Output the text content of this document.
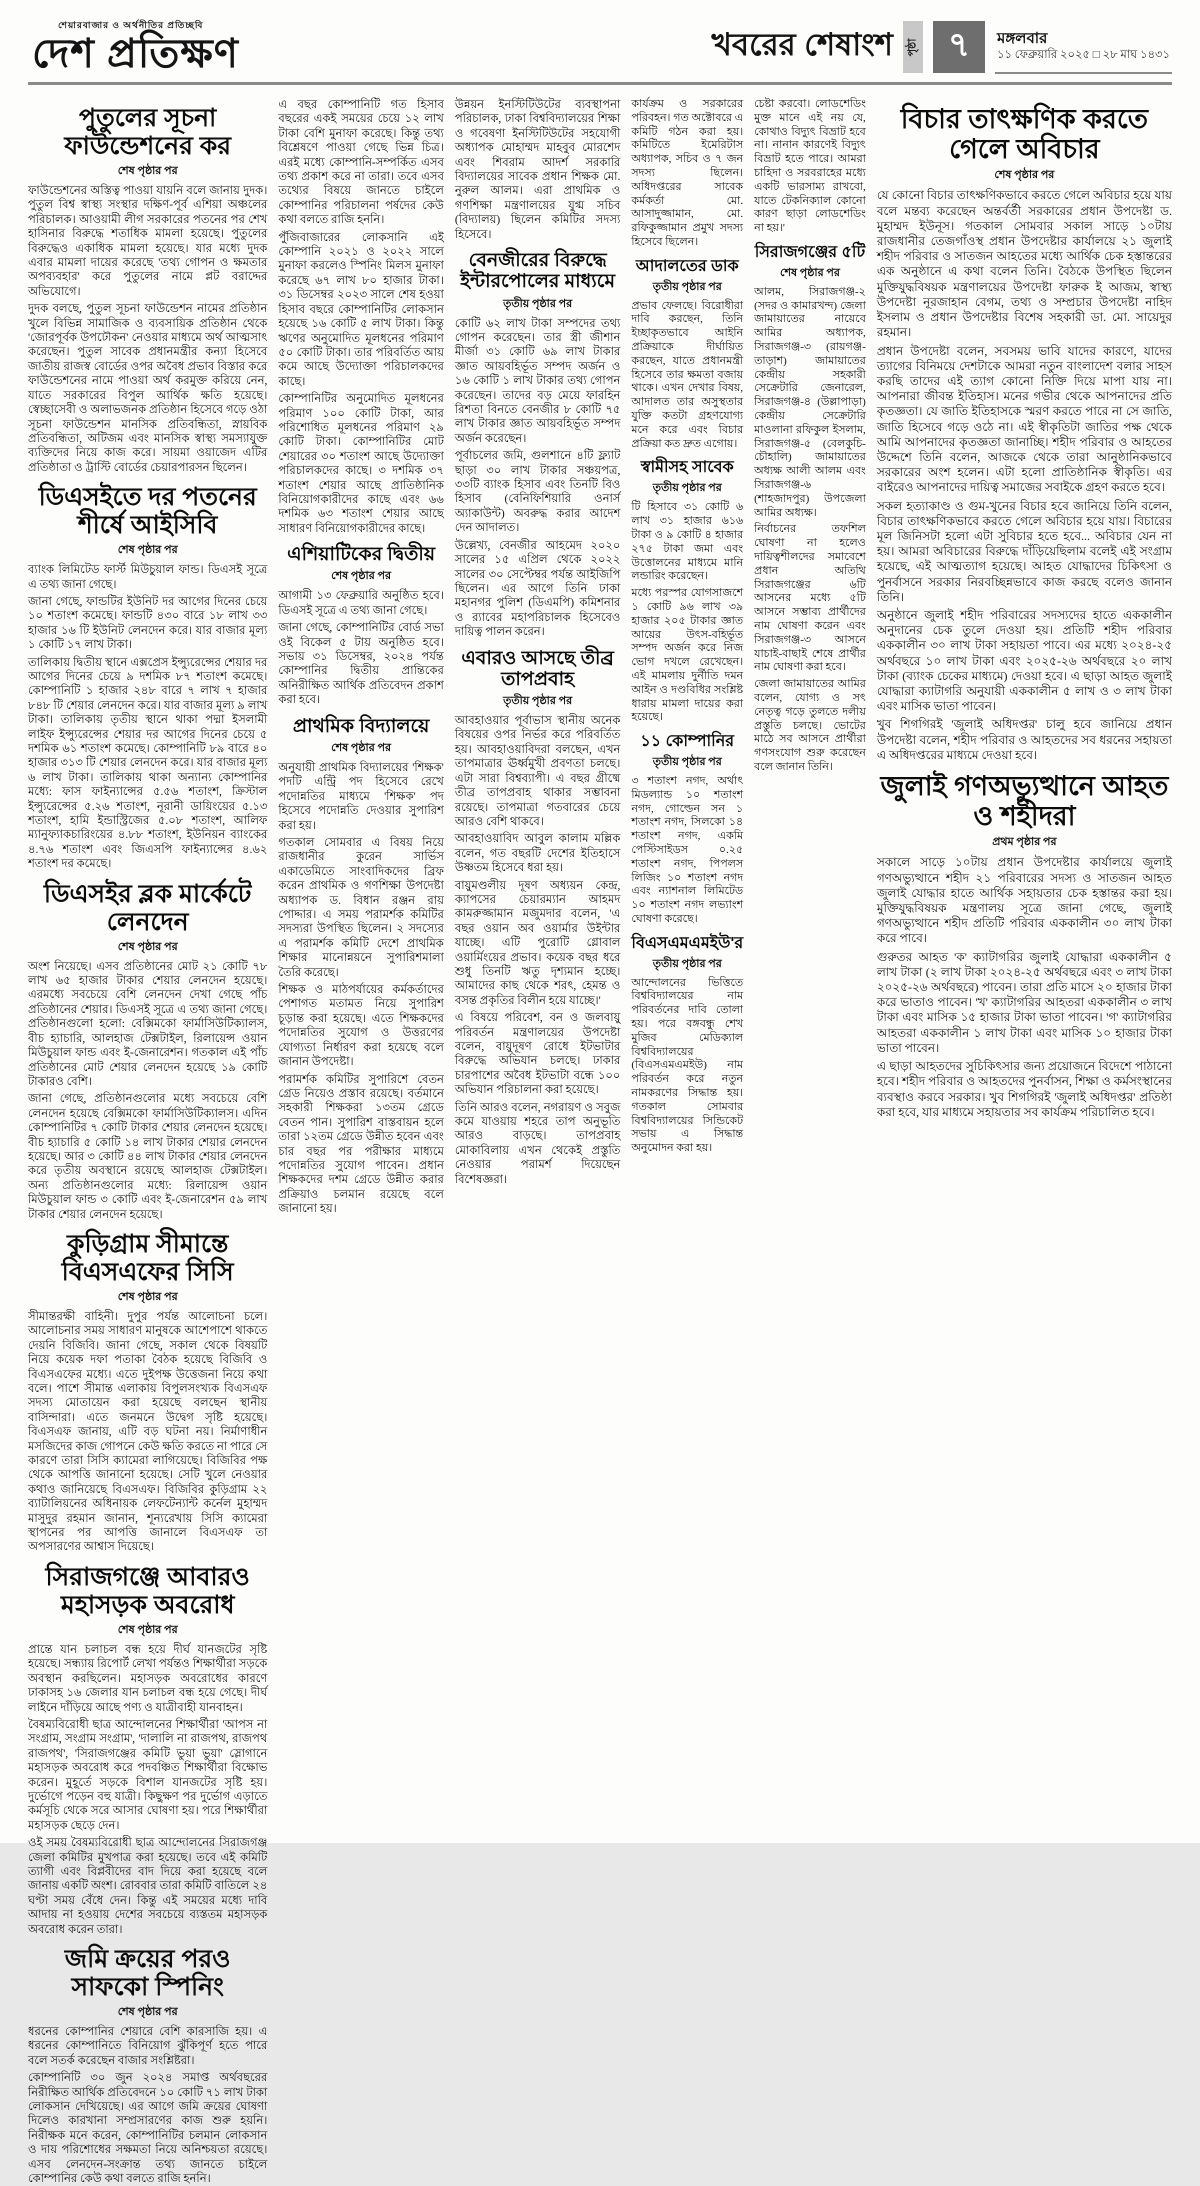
শেয়ারবাজার ও অর্থনীতির প্রতিচ্ছবি
দেশ প্রতিক্ষণ	খবরের শেষাংশ পৃষ্ঠা ৭ মঙ্গলবার
১১ ফেব্রুয়ারি ২০২৫ □ ২৮ মাঘ ১৪৩১
পুতুলের সূচনা ফাউন্ডেশনের কর
শেষ পৃষ্ঠার পর

ফাউন্ডেশনের অস্তিত্ব পাওয়া যায়নি বলে জানায় দুদক। পুতুল বিশ্ব স্বাস্থ্য সংস্থার দক্ষিণ-পূর্ব এশিয়া অঞ্চলের পরিচালক। আওয়ামী লীগ সরকারের পতনের পর শেখ হাসিনার বিরুদ্ধে শতাধিক মামলা হয়েছে। পুতুলের বিরুদ্ধেও একাধিক মামলা হয়েছে। যার মধ্যে দুদক এবার মামলা দায়ের করেছে 'তথ্য গোপন ও ক্ষমতার অপব্যবহার' করে পুতুলের নামে প্লট বরাদ্দের অভিযোগে।

দুদক বলছে, পুতুল সূচনা ফাউন্ডেশন নামের প্রতিষ্ঠান খুলে বিভিন্ন সামাজিক ও ব্যবসায়িক প্রতিষ্ঠান থেকে 'জোরপূর্বক উপঢৌকন' নেওয়ার মাধ্যমে অর্থ আত্মসাৎ করেছেন। পুতুল সাবেক প্রধানমন্ত্রীর কন্যা হিসেবে জাতীয় রাজস্ব বোর্ডের ওপর অবৈধ প্রভাব বিস্তার করে ফাউন্ডেশনের নামে পাওয়া অর্থ করমুক্ত করিয়ে নেন, যাতে সরকারের বিপুল আর্থিক ক্ষতি হয়েছে। স্বেচ্ছাসেবী ও অলাভজনক প্রতিষ্ঠান হিসেবে গড়ে ওঠা সূচনা ফাউন্ডেশন মানসিক প্রতিবন্ধিতা, স্নায়বিক প্রতিবন্ধিতা, অটিজম এবং মানসিক স্বাস্থ্য সমস্যাযুক্ত ব্যক্তিদের নিয়ে কাজ করে। সায়মা ওয়াজেদ এটির প্রতিষ্ঠাতা ও ট্রাস্টি বোর্ডের চেয়ারপারসন ছিলেন।

ডিএসইতে দর পতনের শীর্ষে আইসিবি
শেষ পৃষ্ঠার পর

ব্যাংক লিমিটেড ফার্স্ট মিউচুয়াল ফান্ড। ডিএসই সূত্রে এ তথ্য জানা গেছে।

জানা গেছে, ফান্ডটির ইউনিট দর আগের দিনের চেয়ে ১০ শতাংশ কমেছে। ফান্ডটি ৪৩০ বারে ১৮ লাখ ৩৩ হাজার ১৬ টি ইউনিট লেনদেন করে। যার বাজার মূল্য ১ কোটি ১৭ লাখ টাকা।

তালিকায় দ্বিতীয় স্থানে এক্সপ্রেস ইন্স্যুরেন্সের শেয়ার দর আগের দিনের চেয়ে ৯ দশমিক ৮৭ শতাংশ কমেছে। কোম্পানিটি ১ হাজার ২৪৮ বারে ৭ লাখ ৭ হাজার ৮৪৮ টি শেয়ার লেনদেন করে। যার বাজার মূল্য ৯ লাখ টাকা। তালিকায় তৃতীয় স্থানে থাকা পদ্মা ইসলামী লাইফ ইন্স্যুরেন্সের শেয়ার দর আগের দিনের চেয়ে ৫ দশমিক ৬১ শতাংশ কমেছে। কোম্পানিটি ৮৯ বারে ৪০ হাজার ৩১৩ টি শেয়ার লেনদেন করে। যার বাজার মূল্য ৬ লাখ টাকা। তালিকায় থাকা অন্যান্য কোম্পানির মধ্যে: ফাস ফাইন্যান্সের ৫.৫৬ শতাংশ, ক্রিস্টাল ইন্স্যুরেন্সের ৫.২৬ শতাংশ, নূরানী ডায়িংয়ের ৫.১৩ শতাংশ, হামি ইন্ডাস্ট্রিজের ৫.০৮ শতাংশ, আলিফ ম্যানুফ্যাকচারিংয়ের ৪.৮৮ শতাংশ, ইউনিয়ন ব্যাংকের ৪.৭৬ শতাংশ এবং জিএসপি ফাইন্যান্সের ৪.৬২ শতাংশ দর কমেছে।

ডিএসইর ব্লক মার্কেটে লেনদেন
শেষ পৃষ্ঠার পর

অংশ নিয়েছে। এসব প্রতিষ্ঠানের মোট ২১ কোটি ৭৮ লাখ ৬৫ হাজার টাকার শেয়ার লেনদেন হয়েছে। এরমধ্যে সবচেয়ে বেশি লেনদেন দেখা গেছে পাঁচ প্রতিষ্ঠানের শেয়ার। ডিএসই সূত্রে এ তথ্য জানা গেছে। প্রতিষ্ঠানগুলো হলো: বেক্সিমকো ফার্মাসিউটিক্যালস, বীচ হ্যাচারি, আলহাজ টেক্সটাইল, রিলায়েন্স ওয়ান মিউচুয়াল ফান্ড এবং ই-জেনারেশন। গতকাল এই পাঁচ প্রতিষ্ঠানের মোট শেয়ার লেনদেন হয়েছে ১৯ কোটি টাকারও বেশি।

জানা গেছে, প্রতিষ্ঠানগুলোর মধ্যে সবচেয়ে বেশি লেনদেন হয়েছে বেক্সিমকো ফার্মাসিউটিক্যালস। এদিন কোম্পানিটির ৭ কোটি টাকার শেয়ার লেনদেন হয়েছে। বীচ হ্যাচারি ৫ কোটি ১৪ লাখ টাকার শেয়ার লেনদেন হয়েছে। আর ৩ কোটি ৪৪ লাখ টাকার শেয়ার লেনদেন করে তৃতীয় অবস্থানে রয়েছে আলহাজ টেক্সটাইল। অন্য প্রতিষ্ঠানগুলোর মধ্যে: রিলায়েন্স ওয়ান মিউচুয়াল ফান্ড ৩ কোটি এবং ই-জেনারেশন ৫৯ লাখ টাকার শেয়ার লেনদেন হয়েছে।

কুড়িগ্রাম সীমান্তে বিএসএফের সিসি
শেষ পৃষ্ঠার পর

সীমান্তরক্ষী বাহিনী। দুপুর পর্যন্ত আলোচনা চলে। আলোচনার সময় সাধারণ মানুষকে আশেপাশে থাকতে দেয়নি বিজিবি। জানা গেছে, সকাল থেকে বিষয়টি নিয়ে কয়েক দফা পতাকা বৈঠক হয়েছে বিজিবি ও বিএসএফের মধ্যে। এতে দুইপক্ষ উত্তেজনা নিয়ে কথা বলে। পাশে সীমান্ত এলাকায় বিপুলসংখ্যক বিএসএফ সদস্য মোতায়েন করা হয়েছে বলছেন স্থানীয় বাসিন্দারা। এতে জনমনে উদ্বেগ সৃষ্টি হয়েছে। বিএসএফ জানায়, এটি বড় ঘটনা নয়। নির্মাণাধীন মসজিদের কাজ গোপনে কেউ ক্ষতি করতে না পারে সে কারণে তারা সিসি ক্যামেরা লাগিয়েছে। বিজিবির পক্ষ থেকে আপত্তি জানানো হয়েছে। সেটি খুলে নেওয়ার কথাও জানিয়েছে বিএসএফ। বিজিবির কুড়িগ্রাম ২২ ব্যাটালিয়নের অধিনায়ক লেফটেন্যান্ট কর্নেল মুহাম্মদ মাসুদুর রহমান জানান, শূন্যরেখায় সিসি ক্যামেরা স্থাপনের পর আপত্তি জানালে বিএসএফ তা অপসারণের আশ্বাস দিয়েছে।

সিরাজগঞ্জে আবারও মহাসড়ক অবরোধ
শেষ পৃষ্ঠার পর

প্রান্তে যান চলাচল বন্ধ হয়ে দীর্ঘ যানজটের সৃষ্টি হয়েছে। সন্ধ্যায় রিপোর্ট লেখা পর্যন্তও শিক্ষার্থীরা সড়কে অবস্থান করছিলেন। মহাসড়ক অবরোধের কারণে ঢাকাসহ ১৬ জেলার যান চলাচল বন্ধ হয়ে গেছে। দীর্ঘ লাইনে দাঁড়িয়ে আছে পণ্য ও যাত্রীবাহী যানবাহন।

বৈষম্যবিরোধী ছাত্র আন্দোলনের শিক্ষার্থীরা 'আপস না সংগ্রাম, সংগ্রাম সংগ্রাম', 'দালালি না রাজপথ, রাজপথ রাজপথ', 'সিরাজগঞ্জের কমিটি ভুয়া ভুয়া' স্লোগানে মহাসড়ক অবরোধ করে পদবঞ্চিত শিক্ষার্থীরা বিক্ষোভ করেন। মুহূর্তে সড়কে বিশাল যানজটের সৃষ্টি হয়। দুর্ভোগে পড়েন বহু যাত্রী। কিছুক্ষণ পর দুর্ভোগ এড়াতে কর্মসূচি থেকে সরে আসার ঘোষণা হয়। পরে শিক্ষার্থীরা মহাসড়ক ছেড়ে দেন।

ওই সময় বৈষম্যবিরোধী ছাত্র আন্দোলনের সিরাজগঞ্জ জেলা কমিটির মুখপাত্র করা হয়েছে। তবে এই কমিটি ত্যাগী এবং বিপ্লবীদের বাদ দিয়ে করা হয়েছে বলে জানায় একটি অংশ। রোববার তারা কমিটি বাতিলে ২৪ ঘণ্টা সময় বেঁধে দেন। কিন্তু এই সময়ের মধ্যে দাবি আদায় না হওয়ায় দেশের সবচেয়ে ব্যস্ততম মহাসড়ক অবরোধ করেন তারা।

জমি ক্রয়ের পরও সাফকো স্পিনিং
শেষ পৃষ্ঠার পর

ধরনের কোম্পানির শেয়ারে বেশি কারসাজি হয়। এ ধরনের কোম্পানিতে বিনিয়োগ ঝুঁকিপূর্ণ হতে পারে বলে সতর্ক করেছেন বাজার সংশ্লিষ্টরা।

কোম্পানিটি ৩০ জুন ২০২৪ সমাপ্ত অর্থবছরের নিরীক্ষিত আর্থিক প্রতিবেদনে ১০ কোটি ৭১ লাখ টাকা লোকসান দেখিয়েছে। এর আগে জমি ক্রয়ের ঘোষণা দিলেও কারখানা সম্প্রসারণের কাজ শুরু হয়নি। নিরীক্ষক মনে করেন, কোম্পানিটির চলমান লোকসান ও দায় পরিশোধের সক্ষমতা নিয়ে অনিশ্চয়তা রয়েছে। এসব লেনদেন-সংক্রান্ত তথ্য জানতে চাইলে কোম্পানির কেউ কথা বলতে রাজি হননি।

এ বছর কোম্পানিটি গত হিসাব বছরের একই সময়ের চেয়ে ১২ লাখ টাকা বেশি মুনাফা করেছে। কিন্তু তথ্য বিশ্লেষণে পাওয়া গেছে ভিন্ন চিত্র। এরই মধ্যে কোম্পানি-সম্পর্কিত এসব তথ্য প্রকাশ করে না তারা। তবে এসব তথ্যের বিষয়ে জানতে চাইলে কোম্পানির পরিচালনা পর্ষদের কেউ কথা বলতে রাজি হননি।

পুঁজিবাজারের লোকসানি এই কোম্পানি ২০২১ ও ২০২২ সালে মুনাফা করলেও স্পিনিং মিলস মুনাফা করেছে ৬৭ লাখ ৮০ হাজার টাকা। ৩১ ডিসেম্বর ২০২৩ সালে শেষ হওয়া হিসাব বছরে কোম্পানিটির লোকসান হয়েছে ১৬ কোটি ৫ লাখ টাকা। কিন্তু ঋণের অনুমোদিত মূলধনের পরিমাণ ৫০ কোটি টাকা। তার পরিবর্তিত আয় কমে আছে উদ্যোক্তা পরিচালকদের কাছে।

কোম্পানিটির অনুমোদিত মূলধনের পরিমাণ ১০০ কোটি টাকা, আর পরিশোধিত মূলধনের পরিমাণ ২৯ কোটি টাকা। কোম্পানিটির মোট শেয়ারের ৩০ শতাংশ আছে উদ্যোক্তা পরিচালকদের কাছে। ৩ দশমিক ৩৭ শতাংশ শেয়ার আছে প্রাতিষ্ঠানিক বিনিয়োগকারীদের কাছে এবং ৬৬ দশমিক ৬৩ শতাংশ শেয়ার আছে সাধারণ বিনিয়োগকারীদের কাছে।

এশিয়াটিকের দ্বিতীয়
শেষ পৃষ্ঠার পর

আগামী ১৩ ফেব্রুয়ারি অনুষ্ঠিত হবে। ডিএসই সূত্রে এ তথ্য জানা গেছে।

জানা গেছে, কোম্পানিটির বোর্ড সভা ওই বিকেল ৫ টায় অনুষ্ঠিত হবে। সভায় ৩১ ডিসেম্বর, ২০২৪ পর্যন্ত কোম্পানির দ্বিতীয় প্রান্তিকের অনিরীক্ষিত আর্থিক প্রতিবেদন প্রকাশ করা হবে।

প্রাথমিক বিদ্যালয়ে
শেষ পৃষ্ঠার পর

অনুযায়ী প্রাথমিক বিদ্যালয়ের 'শিক্ষক' পদটি এন্ট্রি পদ হিসেবে রেখে পদোন্নতির মাধ্যমে 'শিক্ষক' পদ হিসেবে পদোন্নতি দেওয়ার সুপারিশ করা হয়।

গতকাল সোমবার এ বিষয় নিয়ে রাজধানীর কুরেন সার্ভিস একাডেমিতে সাংবাদিকদের ব্রিফ করেন প্রাথমিক ও গণশিক্ষা উপদেষ্টা অধ্যাপক ড. বিধান রঞ্জন রায় পোদ্দার। এ সময় পরামর্শক কমিটির সদস্যরা উপস্থিত ছিলেন। ২ সদস্যের এ পরামর্শক কমিটি দেশে প্রাথমিক শিক্ষার মানোন্নয়নে সুপারিশমালা তৈরি করেছে।

শিক্ষক ও মাঠপর্যায়ের কর্মকর্তাদের পেশাগত মতামত নিয়ে সুপারিশ চূড়ান্ত করা হয়েছে। এতে শিক্ষকদের পদোন্নতির সুযোগ ও উত্তরণের যোগ্যতা নির্ধারণ করা হয়েছে বলে জানান উপদেষ্টা।

পরামর্শক কমিটির সুপারিশে বেতন গ্রেড নিয়েও প্রস্তাব রয়েছে। বর্তমানে সহকারী শিক্ষকরা ১৩তম গ্রেডে বেতন পান। সুপারিশ বাস্তবায়ন হলে তারা ১২তম গ্রেডে উন্নীত হবেন এবং চার বছর পর পরীক্ষার মাধ্যমে পদোন্নতির সুযোগ পাবেন। প্রধান শিক্ষকদের দশম গ্রেডে উন্নীত করার প্রক্রিয়াও চলমান রয়েছে বলে জানানো হয়।

উন্নয়ন ইনস্টিটিউটের ব্যবস্থাপনা পরিচালক, ঢাকা বিশ্ববিদ্যালয়ের শিক্ষা ও গবেষণা ইনস্টিটিউটের সহযোগী অধ্যাপক মোহাম্মদ মাহবুব মোরশেদ এবং শিবরাম আদর্শ সরকারি বিদ্যালয়ের সাবেক প্রধান শিক্ষক মো. নুরুল আলম। এরা প্রাথমিক ও গণশিক্ষা মন্ত্রণালয়ের যুগ্ম সচিব (বিদ্যালয়) ছিলেন কমিটির সদস্য হিসেবে।

বেনজীরের বিরুদ্ধে ইন্টারপোলের মাধ্যমে
তৃতীয় পৃষ্ঠার পর

কোটি ৬২ লাখ টাকা সম্পদের তথ্য গোপন করেছেন। তার স্ত্রী জীশান মীর্জা ৩১ কোটি ৬৯ লাখ টাকার জ্ঞাত আয়বহির্ভূত সম্পদ অর্জন ও ১৬ কোটি ১ লাখ টাকার তথ্য গোপন করেছেন। তাদের বড় মেয়ে ফারহিন রিশতা বিনতে বেনজীর ৮ কোটি ৭৫ লাখ টাকার জ্ঞাত আয়বহির্ভূত সম্পদ অর্জন করেছেন।

পূর্বাচলের জমি, গুলশানে ৪টি ফ্ল্যাট ছাড়া ৩০ লাখ টাকার সঞ্চয়পত্র, ৩৩টি ব্যাংক হিসাব এবং তিনটি বিও হিসাব (বেনিফিশিয়ারি ওনার্স অ্যাকাউন্ট) অবরুদ্ধ করার আদেশ দেন আদালত।

উল্লেখ্য, বেনজীর আহমেদ ২০২০ সালের ১৫ এপ্রিল থেকে ২০২২ সালের ৩০ সেপ্টেম্বর পর্যন্ত আইজিপি ছিলেন। এর আগে তিনি ঢাকা মহানগর পুলিশ (ডিএমপি) কমিশনার ও র‍্যাবের মহাপরিচালক হিসেবেও দায়িত্ব পালন করেন।

এবারও আসছে তীব্র তাপপ্রবাহ
তৃতীয় পৃষ্ঠার পর

আবহাওয়ার পূর্বাভাস স্থানীয় অনেক বিষয়ের ওপর নির্ভর করে পরিবর্তিত হয়। আবহাওয়াবিদরা বলছেন, এখন তাপমাত্রার ঊর্ধ্বমুখী প্রবণতা চলছে। এটা সারা বিশ্বব্যাপী। এ বছর গ্রীষ্মে তীব্র তাপপ্রবাহ থাকার সম্ভাবনা রয়েছে। তাপমাত্রা গতবারের চেয়ে আরও বেশি থাকবে।

আবহাওয়াবিদ আবুল কালাম মল্লিক বলেন, গত বছরটি দেশের ইতিহাসে উষ্ণতম হিসেবে ধরা হয়।

বায়ুমণ্ডলীয় দূষণ অধ্যয়ন কেন্দ্র, ক্যাপসের চেয়ারম্যান আহমদ কামরুজ্জামান মজুমদার বলেন, 'এ বছর ওয়ান অব ওয়ার্মার উইন্টার যাচ্ছে। এটি পুরোটি গ্লোবাল ওয়ার্মিংয়ের প্রভাব। কয়েক বছর ধরে শুধু তিনটি ঋতু দৃশ্যমান হচ্ছে। আমাদের কাছ থেকে শরৎ, হেমন্ত ও বসন্ত প্রকৃতির বিলীন হয়ে যাচ্ছে।'

এ বিষয়ে পরিবেশ, বন ও জলবায়ু পরিবর্তন মন্ত্রণালয়ের উপদেষ্টা বলেন, বায়ুদূষণ রোধে ইটভাটার বিরুদ্ধে অভিযান চলছে। ঢাকার চারপাশের অবৈধ ইটভাটা বন্ধে ১০০ অভিযান পরিচালনা করা হয়েছে।

তিনি আরও বলেন, নগরায়ণ ও সবুজ কমে যাওয়ায় শহরে তাপ অনুভূতি আরও বাড়ছে। তাপপ্রবাহ মোকাবিলায় এখন থেকেই প্রস্তুতি নেওয়ার পরামর্শ দিয়েছেন বিশেষজ্ঞরা।

কার্যক্রম ও সরকারের পরিবহন। গত অক্টোবরে এ কমিটি গঠন করা হয়। কমিটিতে ইমেরিটাস অধ্যাপক, সচিব ও ৭ জন সদস্য ছিলেন। অধিদপ্তরের সাবেক কর্মকর্তা মো. আসাদুজ্জামান, মো. রফিকুজ্জামান প্রমুখ সদস্য হিসেবে ছিলেন।

আদালতের ডাক
তৃতীয় পৃষ্ঠার পর

প্রভাব ফেলছে। বিরোধীরা দাবি করছেন, তিনি ইচ্ছাকৃতভাবে আইনি প্রক্রিয়াকে দীর্ঘায়িত করছেন, যাতে প্রধানমন্ত্রী হিসেবে তার ক্ষমতা বজায় থাকে। এখন দেখার বিষয়, আদালত তার অসুস্থতার যুক্তি কতটা গ্রহণযোগ্য মনে করে এবং বিচার প্রক্রিয়া কত দ্রুত এগোয়।

স্বামীসহ সাবেক
তৃতীয় পৃষ্ঠার পর

টি হিসাবে ৩১ কোটি ৬ লাখ ৩১ হাজার ৬১৬ টাকা ও ৯ কোটি ৪ হাজার ২৭৫ টাকা জমা এবং উত্তোলনের মাধ্যমে মানি লন্ডারিং করেছেন।

মধ্যে পরস্পর যোগসাজশে ১ কোটি ৯৬ লাখ ৩৯ হাজার ২০৫ টাকার জ্ঞাত আয়ের উৎস-বহির্ভূত সম্পদ অর্জন করে নিজ ভোগ দখলে রেখেছেন। এই মামলায় দুর্নীতি দমন আইন ও দণ্ডবিধির সংশ্লিষ্ট ধারায় মামলা দায়ের করা হয়েছে।

১১ কোম্পানির
তৃতীয় পৃষ্ঠার পর

৩ শতাংশ নগদ, অর্থাৎ মিডল্যান্ড ১০ শতাংশ নগদ, গোল্ডেন সন ১ শতাংশ নগদ, সিলকো ১৪ শতাংশ নগদ, একমি পেস্টিসাইডস ০.২৫ শতাংশ নগদ, পিপলস লিজিং ১০ শতাংশ নগদ এবং ন্যাশনাল লিমিটেড ১০ শতাংশ নগদ লভ্যাংশ ঘোষণা করেছে।

বিএসএমএমইউ'র
তৃতীয় পৃষ্ঠার পর

আন্দোলনের ভিত্তিতে বিশ্ববিদ্যালয়ের নাম পরিবর্তনের দাবি তোলা হয়। পরে বঙ্গবন্ধু শেখ মুজিব মেডিক্যাল বিশ্ববিদ্যালয়ের (বিএসএমএমইউ) নাম পরিবর্তন করে নতুন নামকরণের সিদ্ধান্ত হয়। গতকাল সোমবার বিশ্ববিদ্যালয়ের সিন্ডিকেট সভায় এ সিদ্ধান্ত অনুমোদন করা হয়।

চেষ্টা করবো। লোডশেডিং মুক্ত মানে এই নয় যে, কোথাও বিদ্যুৎ বিভ্রাট হবে না। নানান কারণেই বিদ্যুৎ বিভ্রাট হতে পারে। আমরা চাহিদা ও সরবরাহের মধ্যে একটি ভারসাম্য রাখবো, যাতে টেকনিক্যাল কোনো কারণ ছাড়া লোডশেডিং না হয়।'

সিরাজগঞ্জের ৫টি
শেষ পৃষ্ঠার পর

আলম, সিরাজগঞ্জ-২ (সদর ও কামারখন্দ) জেলা জামায়াতের নায়েবে আমির অধ্যাপক, সিরাজগঞ্জ-৩ (রায়গঞ্জ-তাড়াশ) জামায়াতের কেন্দ্রীয় সহকারী সেক্রেটারি জেনারেল, সিরাজগঞ্জ-৪ (উল্লাপাড়া) কেন্দ্রীয় সেক্রেটারি মাওলানা রফিকুল ইসলাম, সিরাজগঞ্জ-৫ (বেলকুচি-চৌহালি) জামায়াতের অধ্যক্ষ আলী আলম এবং সিরাজগঞ্জ-৬ (শাহজাদপুর) উপজেলা আমির অধ্যক্ষ।

নির্বাচনের তফশিল ঘোষণা না হলেও দায়িত্বশীলদের সমাবেশে প্রধান অতিথি সিরাজগঞ্জের ৬টি আসনের মধ্যে ৫টি আসনে সম্ভাব্য প্রার্থীদের নাম ঘোষণা করেন এবং সিরাজগঞ্জ-৩ আসনে যাচাই-বাছাই শেষে প্রার্থীর নাম ঘোষণা করা হবে।

জেলা জামায়াতের আমির বলেন, যোগ্য ও সৎ নেতৃত্ব গড়ে তুলতে দলীয় প্রস্তুতি চলছে। ভোটের মাঠে সব আসনে প্রার্থীরা গণসংযোগ শুরু করেছেন বলে জানান তিনি।

বিচার তাৎক্ষণিক করতে গেলে অবিচার
শেষ পৃষ্ঠার পর

যে কোনো বিচার তাৎক্ষণিকভাবে করতে গেলে অবিচার হয়ে যায় বলে মন্তব্য করেছেন অন্তর্বর্তী সরকারের প্রধান উপদেষ্টা ড. মুহাম্মদ ইউনূস। গতকাল সোমবার সকাল সাড়ে ১০টায় রাজধানীর তেজগাঁওস্থ প্রধান উপদেষ্টার কার্যালয়ে ২১ জুলাই শহীদ পরিবার ও সাতজন আহতের মধ্যে আর্থিক চেক হস্তান্তরের এক অনুষ্ঠানে এ কথা বলেন তিনি। বৈঠকে উপস্থিত ছিলেন মুক্তিযুদ্ধবিষয়ক মন্ত্রণালয়ের উপদেষ্টা ফারুক ই আজম, স্বাস্থ্য উপদেষ্টা নূরজাহান বেগম, তথ্য ও সম্প্রচার উপদেষ্টা নাহিদ ইসলাম ও প্রধান উপদেষ্টার বিশেষ সহকারী ডা. মো. সায়েদুর রহমান।

প্রধান উপদেষ্টা বলেন, সবসময় ভাবি যাদের কারণে, যাদের ত্যাগের বিনিময়ে দেশটাকে আমরা নতুন বাংলাদেশ বলার সাহস করছি তাদের এই ত্যাগ কোনো নিক্তি দিয়ে মাপা যায় না। আপনারা জীবন্ত ইতিহাস। মনের গভীর থেকে আপনাদের প্রতি কৃতজ্ঞতা। যে জাতি ইতিহাসকে স্মরণ করতে পারে না সে জাতি, জাতি হিসেবে গড়ে ওঠে না। এই স্বীকৃতিটা জাতির পক্ষ থেকে আমি আপনাদের কৃতজ্ঞতা জানাচ্ছি। শহীদ পরিবার ও আহতের উদ্দেশে তিনি বলেন, আজকে থেকে তারা আনুষ্ঠানিকভাবে সরকারের অংশ হলেন। এটা হলো প্রাতিষ্ঠানিক স্বীকৃতি। এর বাইরেও আপনাদের দায়িত্ব সমাজের সবাইকে গ্রহণ করতে হবে।

সকল হত্যাকাণ্ড ও গুম-খুনের বিচার হবে জানিয়ে তিনি বলেন, বিচার তাৎক্ষণিকভাবে করতে গেলে অবিচার হয়ে যায়। বিচারের মূল জিনিসটা হলো এটা সুবিচার হতে হবে... অবিচার যেন না হয়। আমরা অবিচারের বিরুদ্ধে দাঁড়িয়েছিলাম বলেই এই সংগ্রাম হয়েছে, এই আত্মত্যাগ হয়েছে। আহত যোদ্ধাদের চিকিৎসা ও পুনর্বাসনে সরকার নিরবচ্ছিন্নভাবে কাজ করছে বলেও জানান তিনি।

অনুষ্ঠানে জুলাই শহীদ পরিবারের সদস্যদের হাতে এককালীন অনুদানের চেক তুলে দেওয়া হয়। প্রতিটি শহীদ পরিবার এককালীন ৩০ লাখ টাকা সহায়তা পাবে। এর মধ্যে ২০২৪-২৫ অর্থবছরে ১০ লাখ টাকা এবং ২০২৫-২৬ অর্থবছরে ২০ লাখ টাকা (ব্যাংক চেকের মাধ্যমে) দেওয়া হবে। এ ছাড়া আহত জুলাই যোদ্ধারা ক্যাটাগরি অনুযায়ী এককালীন ৫ লাখ ও ৩ লাখ টাকা এবং মাসিক ভাতা পাবেন।

খুব শিগগিরই 'জুলাই অধিদপ্তর' চালু হবে জানিয়ে প্রধান উপদেষ্টা বলেন, শহীদ পরিবার ও আহতদের সব ধরনের সহায়তা এ অধিদপ্তরের মাধ্যমে দেওয়া হবে।

জুলাই গণঅভ্যুত্থানে আহত ও শহীদরা
প্রথম পৃষ্ঠার পর

সকালে সাড়ে ১০টায় প্রধান উপদেষ্টার কার্যালয়ে জুলাই গণঅভ্যুত্থানে শহীদ ২১ পরিবারের সদস্য ও সাতজন আহত জুলাই যোদ্ধার হাতে আর্থিক সহায়তার চেক হস্তান্তর করা হয়। মুক্তিযুদ্ধবিষয়ক মন্ত্রণালয় সূত্রে জানা গেছে, জুলাই গণঅভ্যুত্থানে শহীদ প্রতিটি পরিবার এককালীন ৩০ লাখ টাকা করে পাবে।

গুরুতর আহত 'ক' ক্যাটাগরির জুলাই যোদ্ধারা এককালীন ৫ লাখ টাকা (২ লাখ টাকা ২০২৪-২৫ অর্থবছরে এবং ৩ লাখ টাকা ২০২৫-২৬ অর্থবছরে) পাবেন। তারা প্রতি মাসে ২০ হাজার টাকা করে ভাতাও পাবেন। 'খ' ক্যাটাগরির আহতরা এককালীন ৩ লাখ টাকা এবং মাসিক ১৫ হাজার টাকা ভাতা পাবেন। 'গ' ক্যাটাগরির আহতরা এককালীন ১ লাখ টাকা এবং মাসিক ১০ হাজার টাকা ভাতা পাবেন।

এ ছাড়া আহতদের সুচিকিৎসার জন্য প্রয়োজনে বিদেশে পাঠানো হবে। শহীদ পরিবার ও আহতদের পুনর্বাসন, শিক্ষা ও কর্মসংস্থানের ব্যবস্থাও করবে সরকার। খুব শিগগিরই 'জুলাই অধিদপ্তর' প্রতিষ্ঠা করা হবে, যার মাধ্যমে সহায়তার সব কার্যক্রম পরিচালিত হবে।
